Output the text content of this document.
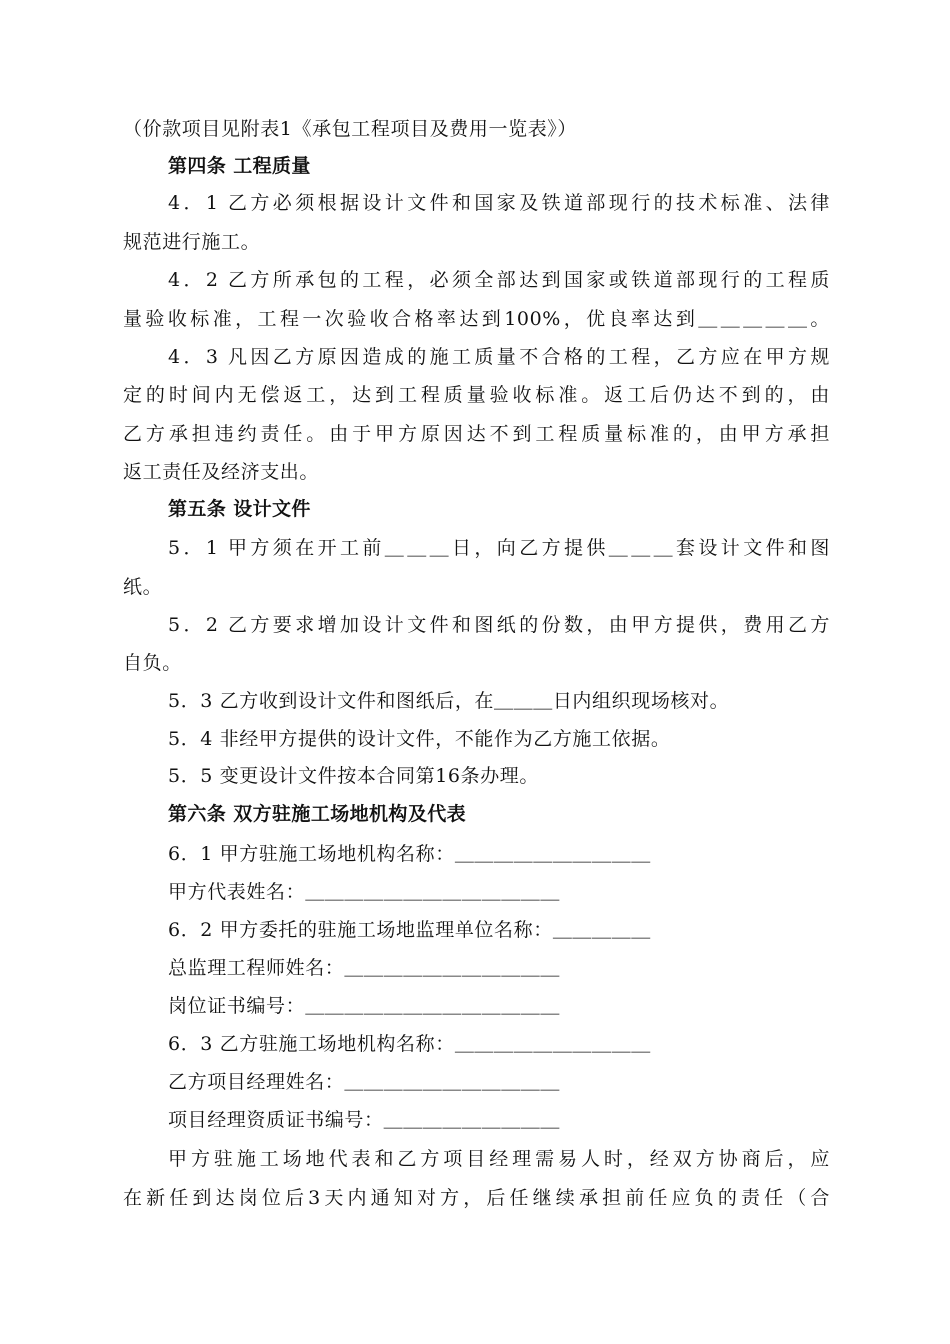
（价款项目见附表1《承包工程项目及费用一览表》）
第四条 工程质量
4．1 乙方必须根据设计文件和国家及铁道部现行的技术标准、法律
规范进行施工。
4．2 乙方所承包的工程，必须全部达到国家或铁道部现行的工程质
量验收标准，工程一次验收合格率达到100%，优良率达到＿＿＿＿＿。
4．3 凡因乙方原因造成的施工质量不合格的工程，乙方应在甲方规
定的时间内无偿返工，达到工程质量验收标准。返工后仍达不到的，由
乙方承担违约责任。由于甲方原因达不到工程质量标准的，由甲方承担
返工责任及经济支出。
第五条 设计文件
5．1 甲方须在开工前＿＿＿日，向乙方提供＿＿＿套设计文件和图
纸。
5．2 乙方要求增加设计文件和图纸的份数，由甲方提供，费用乙方
自负。
5．3 乙方收到设计文件和图纸后，在＿＿＿日内组织现场核对。
5．4 非经甲方提供的设计文件，不能作为乙方施工依据。
5．5 变更设计文件按本合同第16条办理。
第六条 双方驻施工场地机构及代表
6．1 甲方驻施工场地机构名称：＿＿＿＿＿＿＿＿＿＿
甲方代表姓名：＿＿＿＿＿＿＿＿＿＿＿＿＿
6．2 甲方委托的驻施工场地监理单位名称：＿＿＿＿＿
总监理工程师姓名：＿＿＿＿＿＿＿＿＿＿＿
岗位证书编号：＿＿＿＿＿＿＿＿＿＿＿＿＿
6．3 乙方驻施工场地机构名称：＿＿＿＿＿＿＿＿＿＿
乙方项目经理姓名：＿＿＿＿＿＿＿＿＿＿＿
项目经理资质证书编号：＿＿＿＿＿＿＿＿＿
甲方驻施工场地代表和乙方项目经理需易人时，经双方协商后，应
在新任到达岗位后3天内通知对方，后任继续承担前任应负的责任（合
